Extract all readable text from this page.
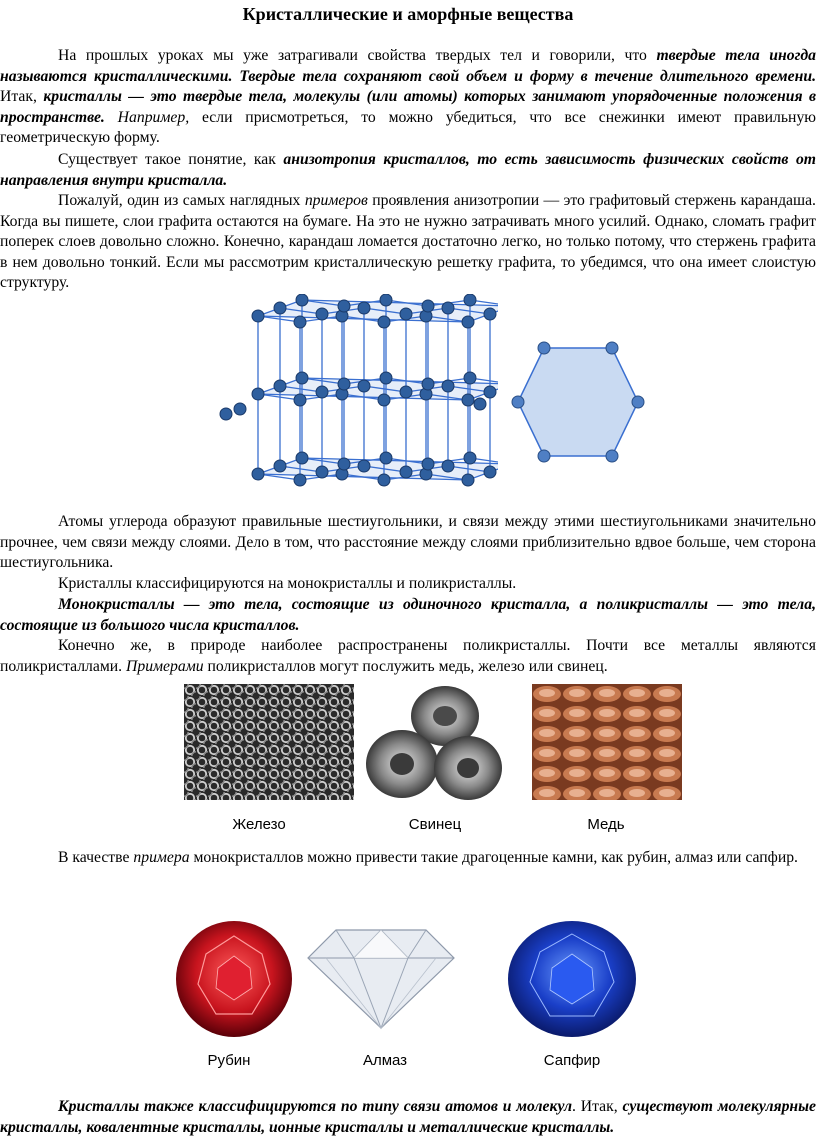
Кристаллические и аморфные вещества

На прошлых уроках мы уже затрагивали свойства твердых тел и говорили, что твердые тела иногда называются кристаллическими. Твердые тела сохраняют свой объем и форму в течение длительного времени. Итак, кристаллы — это твердые тела, молекулы (или атомы) которых занимают упорядоченные положения в пространстве. Например, если присмотреться, то можно убедиться, что все снежинки имеют правильную геометрическую форму.

Существует такое понятие, как анизотропия кристаллов, то есть зависимость физических свойств от направления внутри кристалла.

Пожалуй, один из самых наглядных примеров проявления анизотропии — это графитовый стержень карандаша. Когда вы пишете, слои графита остаются на бумаге. На это не нужно затрачивать много усилий. Однако, сломать графит поперек слоев довольно сложно. Конечно, карандаш ломается достаточно легко, но только потому, что стержень графита в нем довольно тонкий. Если мы рассмотрим кристаллическую решетку графита, то убедимся, что она имеет слоистую структуру.

Атомы углерода образуют правильные шестиугольники, и связи между этими шестиугольниками значительно прочнее, чем связи между слоями. Дело в том, что расстояние между слоями приблизительно вдвое больше, чем сторона шестиугольника.

Кристаллы классифицируются на монокристаллы и поликристаллы.

Монокристаллы — это тела, состоящие из одиночного кристалла, а поликристаллы — это тела, состоящие из большого числа кристаллов.

Конечно же, в природе наиболее распространены поликристаллы. Почти все металлы являются поликристаллами. Примерами поликристаллов могут послужить медь, железо или свинец.

Железо	Свинец	Медь

В качестве примера монокристаллов можно привести такие драгоценные камни, как рубин, алмаз или сапфир.

Рубин	Алмаз	Сапфир

Кристаллы также классифицируются по типу связи атомов и молекул. Итак, существуют молекулярные кристаллы, ковалентные кристаллы, ионные кристаллы и металлические кристаллы.
